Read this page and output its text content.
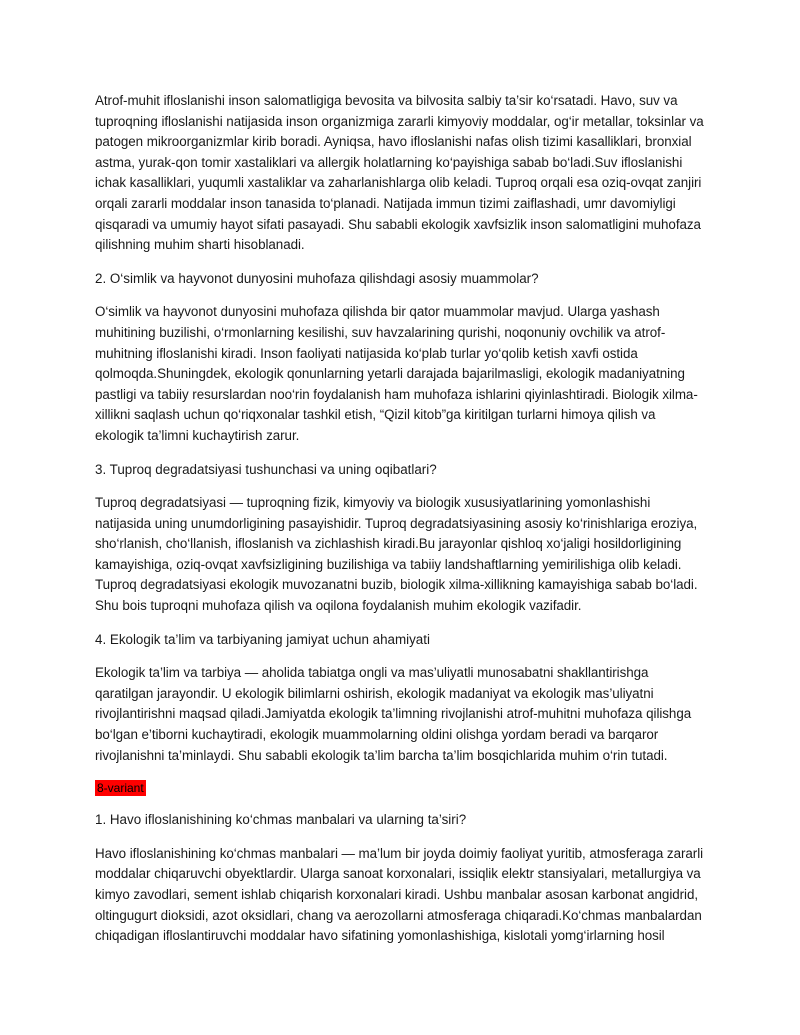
Atrof-muhit ifloslanishi inson salomatligiga bevosita va bilvosita salbiy ta’sir ko‘rsatadi. Havo, suv va tuproqning ifloslanishi natijasida inson organizmiga zararli kimyoviy moddalar, og‘ir metallar, toksinlar va patogen mikroorganizmlar kirib boradi. Ayniqsa, havo ifloslanishi nafas olish tizimi kasalliklari, bronxial astma, yurak-qon tomir xastaliklari va allergik holatlarning ko‘payishiga sabab bo‘ladi.Suv ifloslanishi ichak kasalliklari, yuqumli xastaliklar va zaharlanishlarga olib keladi. Tuproq orqali esa oziq-ovqat zanjiri orqali zararli moddalar inson tanasida to‘planadi. Natijada immun tizimi zaiflashadi, umr davomiyligi qisqaradi va umumiy hayot sifati pasayadi. Shu sababli ekologik xavfsizlik inson salomatligini muhofaza qilishning muhim sharti hisoblanadi.

2. O‘simlik va hayvonot dunyosini muhofaza qilishdagi asosiy muammolar?

O‘simlik va hayvonot dunyosini muhofaza qilishda bir qator muammolar mavjud. Ularga yashash muhitining buzilishi, o‘rmonlarning kesilishi, suv havzalarining qurishi, noqonuniy ovchilik va atrof-muhitning ifloslanishi kiradi. Inson faoliyati natijasida ko‘plab turlar yo‘qolib ketish xavfi ostida qolmoqda.Shuningdek, ekologik qonunlarning yetarli darajada bajarilmasligi, ekologik madaniyatning pastligi va tabiiy resurslardan noo‘rin foydalanish ham muhofaza ishlarini qiyinlashtiradi. Biologik xilma-xillikni saqlash uchun qo‘riqxonalar tashkil etish, “Qizil kitob”ga kiritilgan turlarni himoya qilish va ekologik ta’limni kuchaytirish zarur.

3. Tuproq degradatsiyasi tushunchasi va uning oqibatlari?

Tuproq degradatsiyasi — tuproqning fizik, kimyoviy va biologik xususiyatlarining yomonlashishi natijasida uning unumdorligining pasayishidir. Tuproq degradatsiyasining asosiy ko‘rinishlariga eroziya, sho‘rlanish, cho‘llanish, ifloslanish va zichlashish kiradi.Bu jarayonlar qishloq xo‘jaligi hosildorligining kamayishiga, oziq-ovqat xavfsizligining buzilishiga va tabiiy landshaftlarning yemirilishiga olib keladi. Tuproq degradatsiyasi ekologik muvozanatni buzib, biologik xilma-xillikning kamayishiga sabab bo‘ladi. Shu bois tuproqni muhofaza qilish va oqilona foydalanish muhim ekologik vazifadir.

4. Ekologik ta’lim va tarbiyaning jamiyat uchun ahamiyati

Ekologik ta’lim va tarbiya — aholida tabiatga ongli va mas’uliyatli munosabatni shakllantirishga qaratilgan jarayondir. U ekologik bilimlarni oshirish, ekologik madaniyat va ekologik mas’uliyatni rivojlantirishni maqsad qiladi.Jamiyatda ekologik ta’limning rivojlanishi atrof-muhitni muhofaza qilishga bo‘lgan e’tiborni kuchaytiradi, ekologik muammolarning oldini olishga yordam beradi va barqaror rivojlanishni ta’minlaydi. Shu sababli ekologik ta’lim barcha ta’lim bosqichlarida muhim o‘rin tutadi.

8-variant

1. Havo ifloslanishining ko‘chmas manbalari va ularning ta’siri?

Havo ifloslanishining ko‘chmas manbalari — ma’lum bir joyda doimiy faoliyat yuritib, atmosferaga zararli moddalar chiqaruvchi obyektlardir. Ularga sanoat korxonalari, issiqlik elektr stansiyalari, metallurgiya va kimyo zavodlari, sement ishlab chiqarish korxonalari kiradi. Ushbu manbalar asosan karbonat angidrid, oltingugurt dioksidi, azot oksidlari, chang va aerozollarni atmosferaga chiqaradi.Ko‘chmas manbalardan chiqadigan ifloslantiruvchi moddalar havo sifatining yomonlashishiga, kislotali yomg‘irlarning hosil
